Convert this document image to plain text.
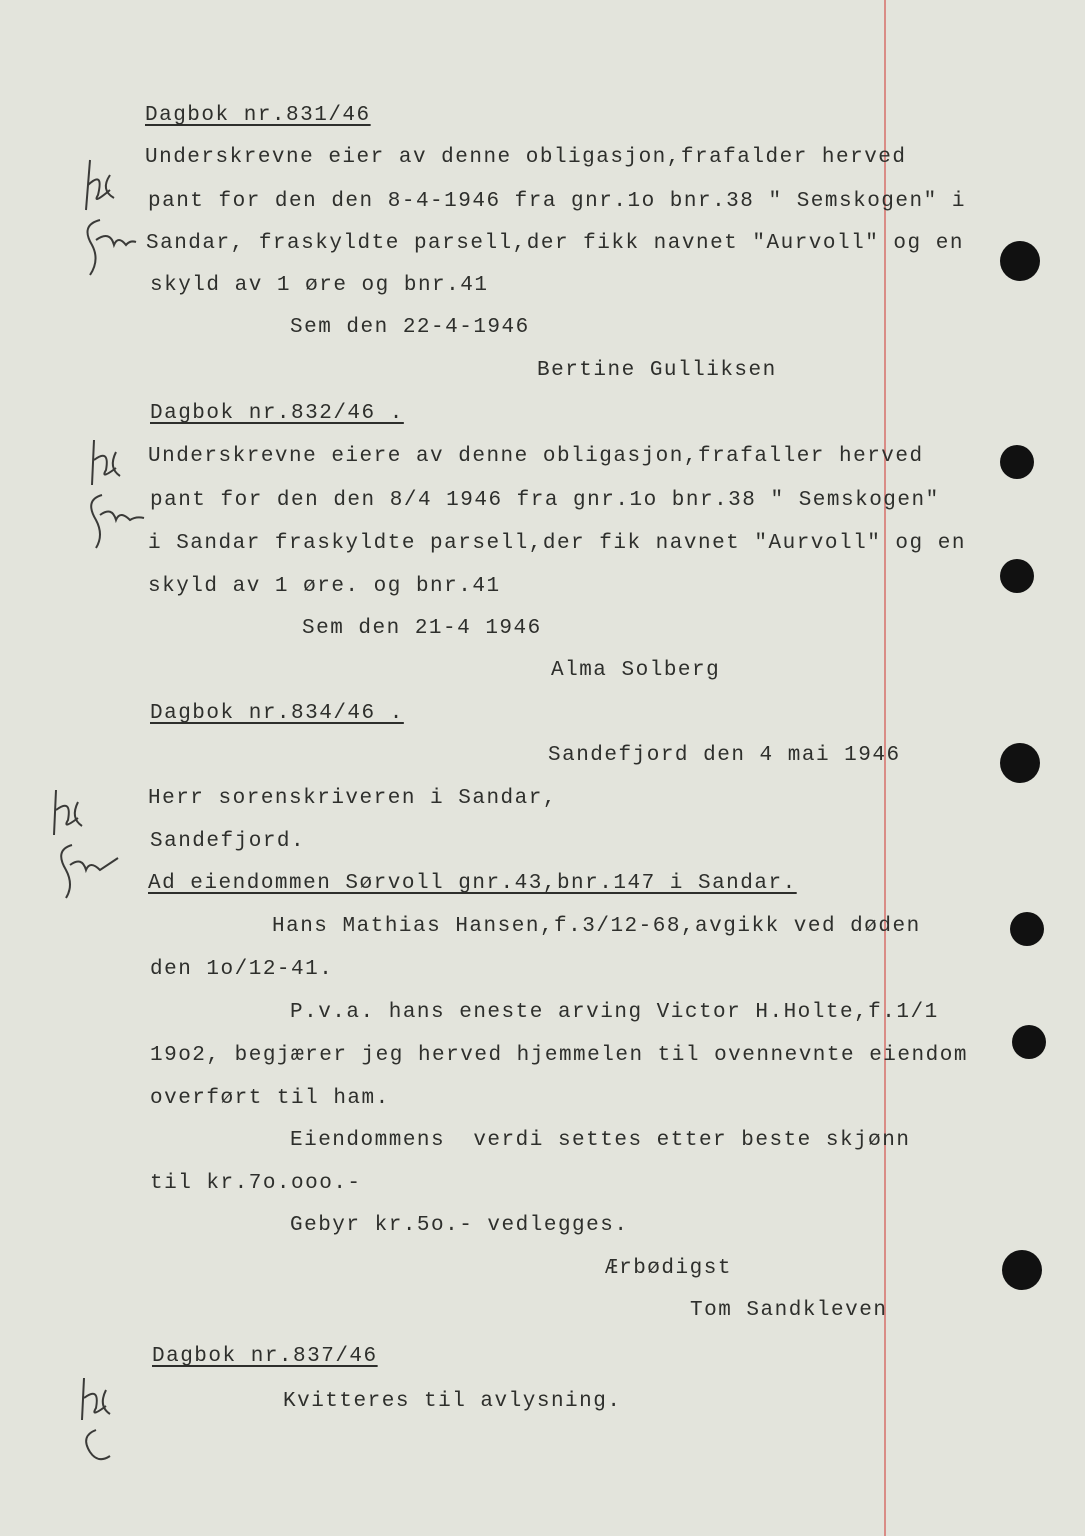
Dagbok nr.831/46
Underskrevne eier av denne obligasjon,frafalder herved
pant for den den 8-4-1946 fra gnr.1o bnr.38 " Semskogen" i
Sandar, fraskyldte parsell,der fikk navnet "Aurvoll" og en
skyld av 1 øre og bnr.41
Sem den 22-4-1946
Bertine Gulliksen
Dagbok nr.832/46 .
Underskrevne eiere av denne obligasjon,frafaller herved
pant for den den 8/4 1946 fra gnr.1o bnr.38 " Semskogen"
i Sandar fraskyldte parsell,der fik navnet "Aurvoll" og en
skyld av 1 øre. og bnr.41
Sem den 21-4 1946
Alma Solberg
Dagbok nr.834/46 .
Sandefjord den 4 mai 1946
Herr sorenskriveren i Sandar,
Sandefjord.
Ad eiendommen Sørvoll gnr.43,bnr.147 i Sandar.
Hans Mathias Hansen,f.3/12-68,avgikk ved døden
den 1o/12-41.
P.v.a. hans eneste arving Victor H.Holte,f.1/1
19o2, begjærer jeg herved hjemmelen til ovennevnte eiendom
overført til ham.
Eiendommens  verdi settes etter beste skjønn
til kr.7o.ooo.-
Gebyr kr.5o.- vedlegges.
Ærbødigst
Tom Sandkleven
Dagbok nr.837/46
Kvitteres til avlysning.
